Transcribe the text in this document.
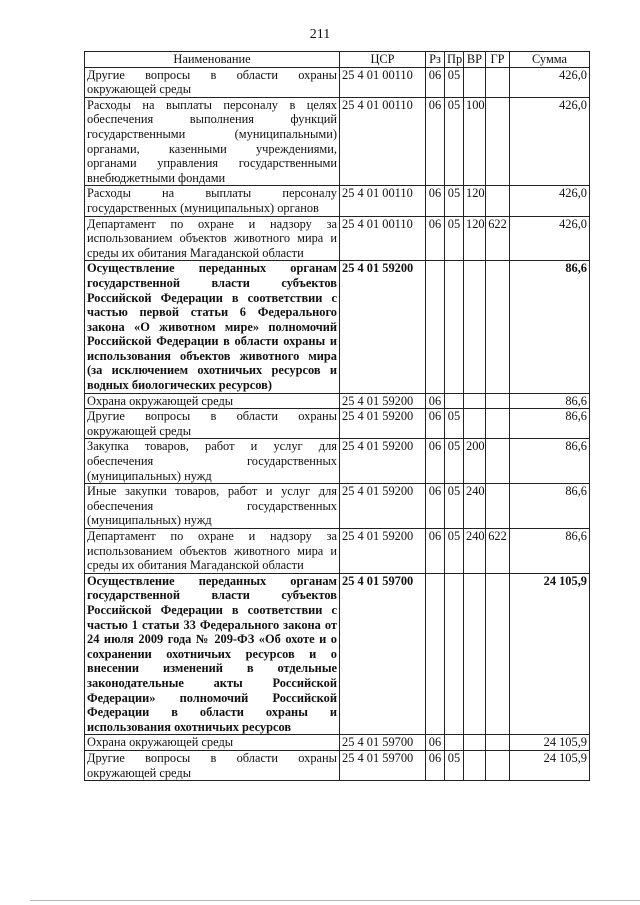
211
Наименование	ЦСР	Рз	Пр	ВР	ГР	Сумма
Другие вопросы в области охраны окружающей среды	25 4 01 00110	06	05			426,0
Расходы на выплаты персоналу в целях обеспечения выполнения функций государственными (муниципальными) органами, казенными учреждениями, органами управления государственными внебюджетными фондами	25 4 01 00110	06	05	100		426,0
Расходы на выплаты персоналу государственных (муниципальных) органов	25 4 01 00110	06	05	120		426,0
Департамент по охране и надзору за использованием объектов животного мира и среды их обитания Магаданской области	25 4 01 00110	06	05	120	622	426,0
Осуществление переданных органам государственной власти субъектов Российской Федерации в соответствии с частью первой статьи 6 Федерального закона «О животном мире» полномочий Российской Федерации в области охраны и использования объектов животного мира (за исключением охотничьих ресурсов и водных биологических ресурсов)	25 4 01 59200					86,6
Охрана окружающей среды	25 4 01 59200	06				86,6
Другие вопросы в области охраны окружающей среды	25 4 01 59200	06	05			86,6
Закупка товаров, работ и услуг для обеспечения государственных (муниципальных) нужд	25 4 01 59200	06	05	200		86,6
Иные закупки товаров, работ и услуг для обеспечения государственных (муниципальных) нужд	25 4 01 59200	06	05	240		86,6
Департамент по охране и надзору за использованием объектов животного мира и среды их обитания Магаданской области	25 4 01 59200	06	05	240	622	86,6
Осуществление переданных органам государственной власти субъектов Российской Федерации в соответствии с частью 1 статьи 33 Федерального закона от 24 июля 2009 года № 209-ФЗ «Об охоте и о сохранении охотничьих ресурсов и о внесении изменений в отдельные законодательные акты Российской Федерации» полномочий Российской Федерации в области охраны и использования охотничьих ресурсов	25 4 01 59700					24 105,9
Охрана окружающей среды	25 4 01 59700	06				24 105,9
Другие вопросы в области охраны окружающей среды	25 4 01 59700	06	05			24 105,9
